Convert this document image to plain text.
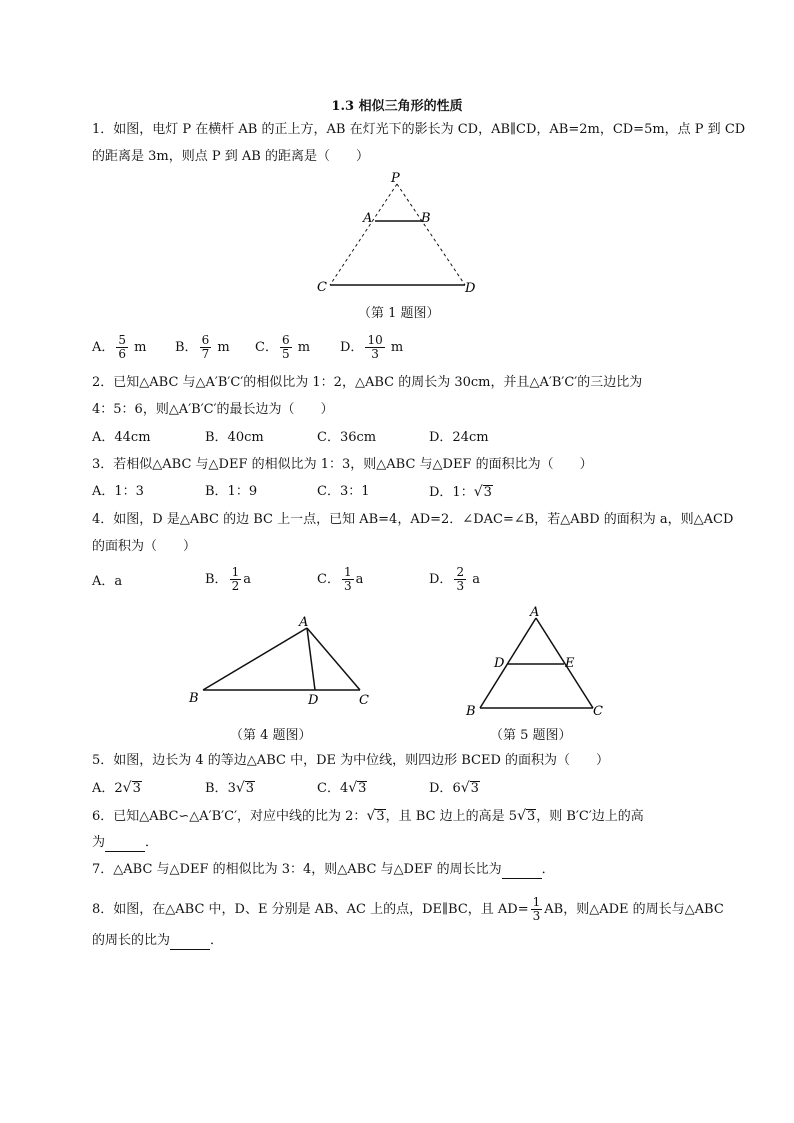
1.3 相似三角形的性质
1．如图，电灯 P 在横杆 AB 的正上方，AB 在灯光下的影长为 CD，AB∥CD，AB=2m，CD=5m，点 P 到 CD
的距离是 3m，则点 P 到 AB 的距离是（　　）
P
A	B
C	D
（第 1 题图）
A． $\frac{5}{6}$ m B． $\frac{6}{7}$ m C． $\frac{6}{5}$ m D． $\frac{10}{3}$ m
2．已知△ABC 与△A′B′C′的相似比为 1：2，△ABC 的周长为 30cm，并且△A′B′C′的三边比为
4：5：6，则△A′B′C′的最长边为（　　）
A．44cm	B．40cm	C．36cm	D．24cm
3．若相似△ABC 与△DEF 的相似比为 1：3，则△ABC 与△DEF 的面积比为（　　）
A．1：3	B．1：9	C．3：1	D．1：√3
4．如图，D 是△ABC 的边 BC 上一点，已知 AB=4，AD=2．∠DAC=∠B，若△ABD 的面积为 a，则△ACD
的面积为（　　）
A．a	B． $\frac{1}{2}$ a	C． $\frac{1}{3}$ a	D． $\frac{2}{3}$ a
A
B	D	C
（第 4 题图）
A
D	E
B	C
（第 5 题图）
5．如图，边长为 4 的等边△ABC 中，DE 为中位线，则四边形 BCED 的面积为（　　）
A．2√3	B．3√3	C．4√3	D．6√3
6．已知△ABC∽△A′B′C′，对应中线的比为 2：√3，且 BC 边上的高是 5√3，则 B′C′边上的高
为	．
7．△ABC 与△DEF 的相似比为 3：4，则△ABC 与△DEF 的周长比为	．
8．如图，在△ABC 中，D、E 分别是 AB、AC 上的点，DE∥BC，且 $AD= \frac{1}{3}$ AB，则△ADE 的周长与△ABC
的周长的比为	．
